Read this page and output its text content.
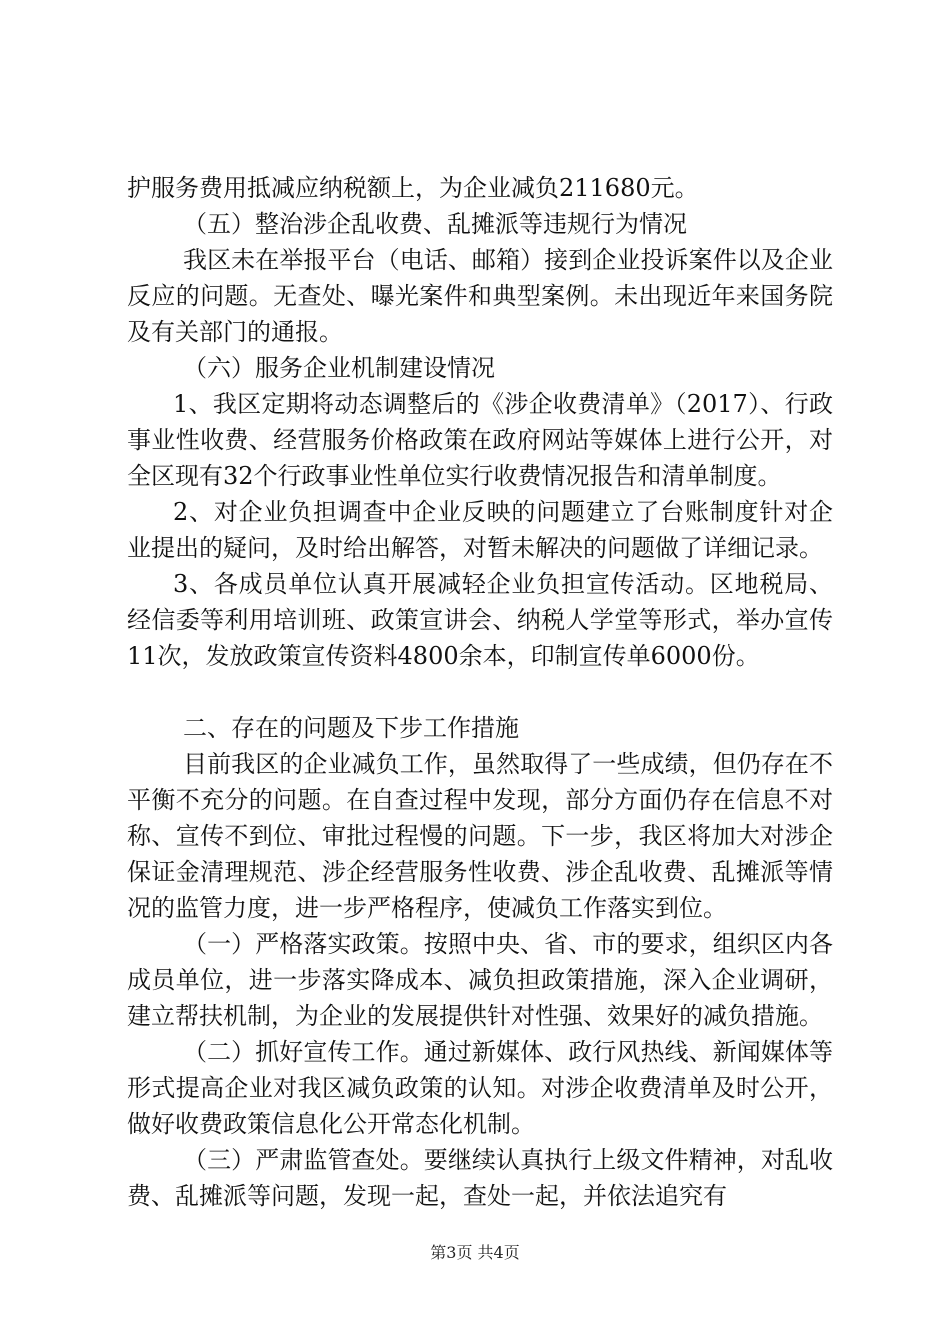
护服务费用抵减应纳税额上，为企业减负211680元。

（五）整治涉企乱收费、乱摊派等违规行为情况

我区未在举报平台（电话、邮箱）接到企业投诉案件以及企业反应的问题。无查处、曝光案件和典型案例。未出现近年来国务院及有关部门的通报。

（六）服务企业机制建设情况

1、我区定期将动态调整后的《涉企收费清单》（2017）、行政事业性收费、经营服务价格政策在政府网站等媒体上进行公开，对全区现有32个行政事业性单位实行收费情况报告和清单制度。

2、对企业负担调查中企业反映的问题建立了台账制度针对企业提出的疑问，及时给出解答，对暂未解决的问题做了详细记录。

3、各成员单位认真开展减轻企业负担宣传活动。区地税局、经信委等利用培训班、政策宣讲会、纳税人学堂等形式，举办宣传11次，发放政策宣传资料4800余本，印制宣传单6000份。

二、存在的问题及下步工作措施

目前我区的企业减负工作，虽然取得了一些成绩，但仍存在不平衡不充分的问题。在自查过程中发现，部分方面仍存在信息不对称、宣传不到位、审批过程慢的问题。下一步，我区将加大对涉企保证金清理规范、涉企经营服务性收费、涉企乱收费、乱摊派等情况的监管力度，进一步严格程序，使减负工作落实到位。

（一）严格落实政策。按照中央、省、市的要求，组织区内各成员单位，进一步落实降成本、减负担政策措施，深入企业调研，建立帮扶机制，为企业的发展提供针对性强、效果好的减负措施。

（二）抓好宣传工作。通过新媒体、政行风热线、新闻媒体等形式提高企业对我区减负政策的认知。对涉企收费清单及时公开，做好收费政策信息化公开常态化机制。

（三）严肃监管查处。要继续认真执行上级文件精神，对乱收费、乱摊派等问题，发现一起，查处一起，并依法追究有

第3页 共4页
